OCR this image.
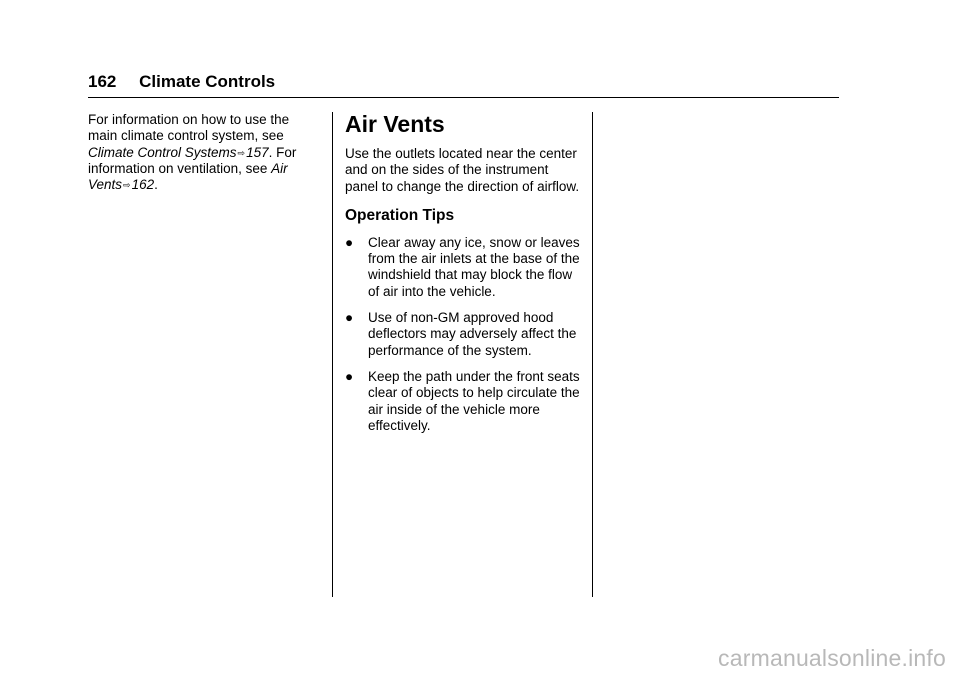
162 Climate Controls

For information on how to use the main climate control system, see Climate Control Systems⇨157. For information on ventilation, see Air Vents⇨162.

Air Vents

Use the outlets located near the center and on the sides of the instrument panel to change the direction of airflow.

Operation Tips
● Clear away any ice, snow or leaves from the air inlets at the base of the windshield that may block the flow of air into the vehicle.
● Use of non-GM approved hood deflectors may adversely affect the performance of the system.
● Keep the path under the front seats clear of objects to help circulate the air inside of the vehicle more effectively.
carmanualsonline.info
